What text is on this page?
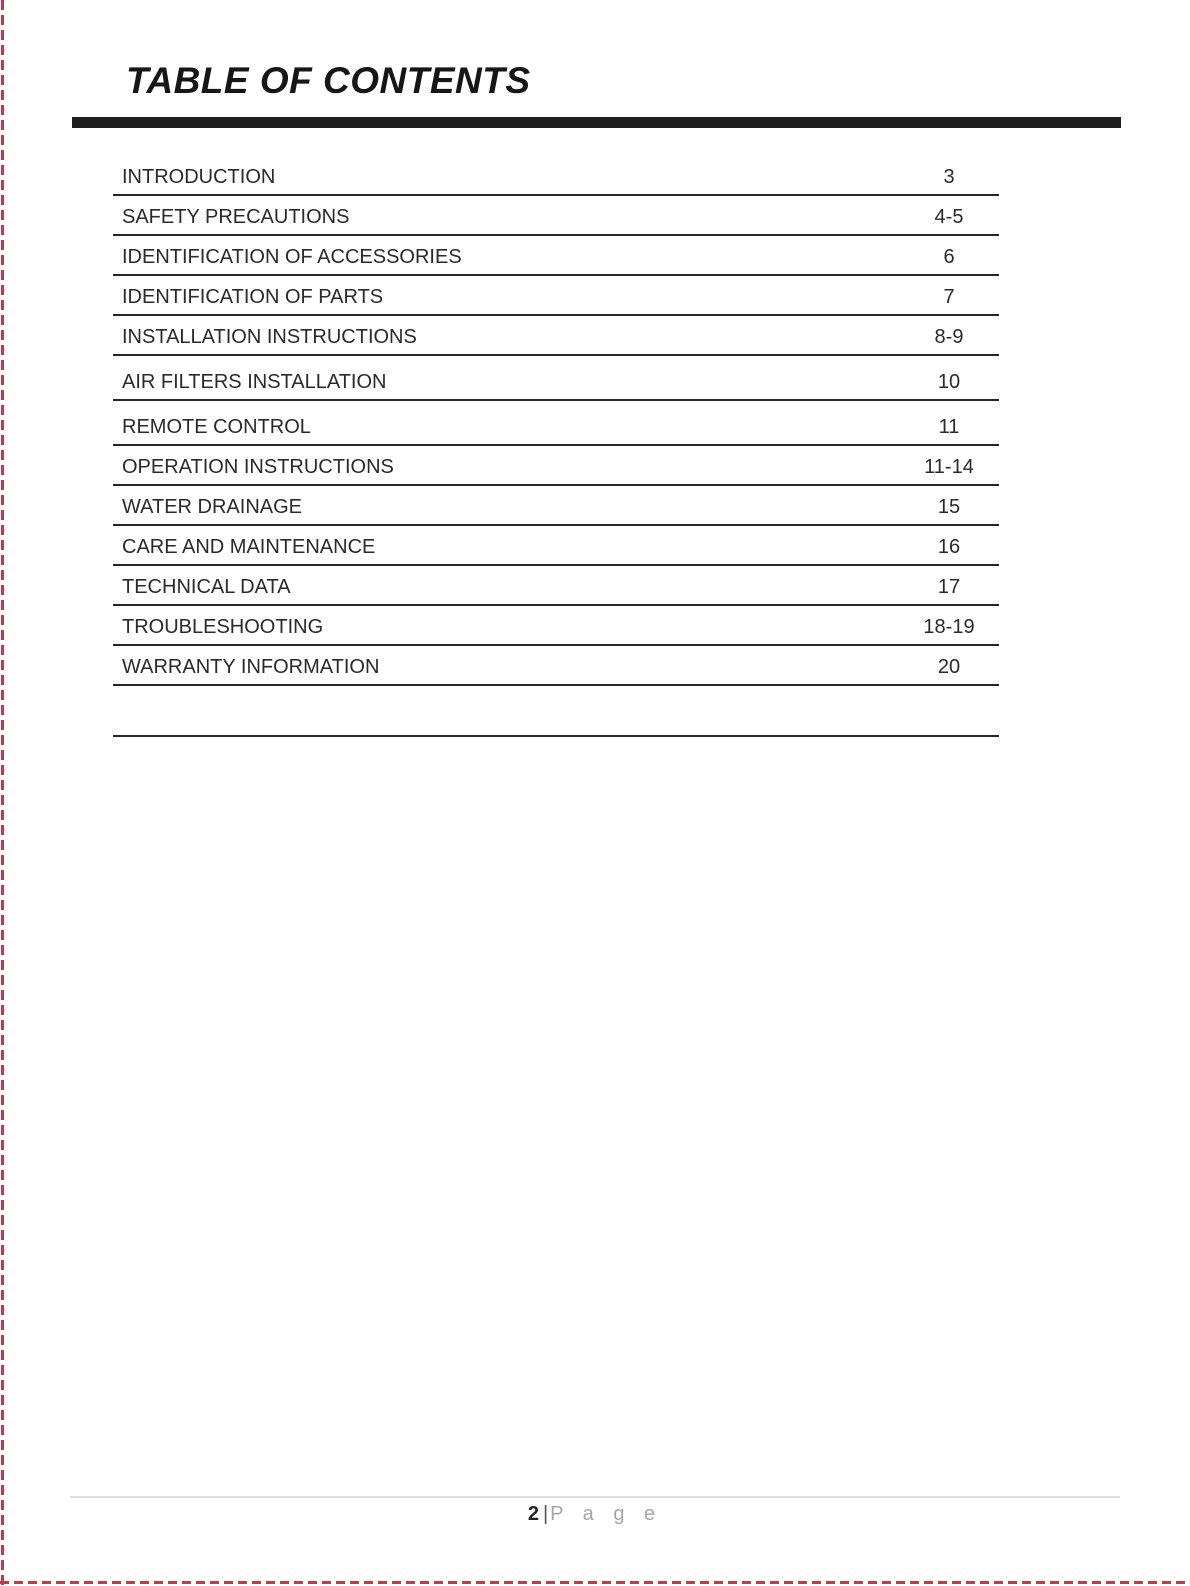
TABLE OF CONTENTS
INTRODUCTION	3
SAFETY PRECAUTIONS	4-5
IDENTIFICATION OF ACCESSORIES	6
IDENTIFICATION OF PARTS	7
INSTALLATION INSTRUCTIONS	8-9
AIR FILTERS INSTALLATION	10
REMOTE CONTROL	11
OPERATION INSTRUCTIONS	11-14
WATER DRAINAGE	15
CARE AND MAINTENANCE	16
TECHNICAL DATA	17
TROUBLESHOOTING	18-19
WARRANTY INFORMATION	20
2 | P a g e
